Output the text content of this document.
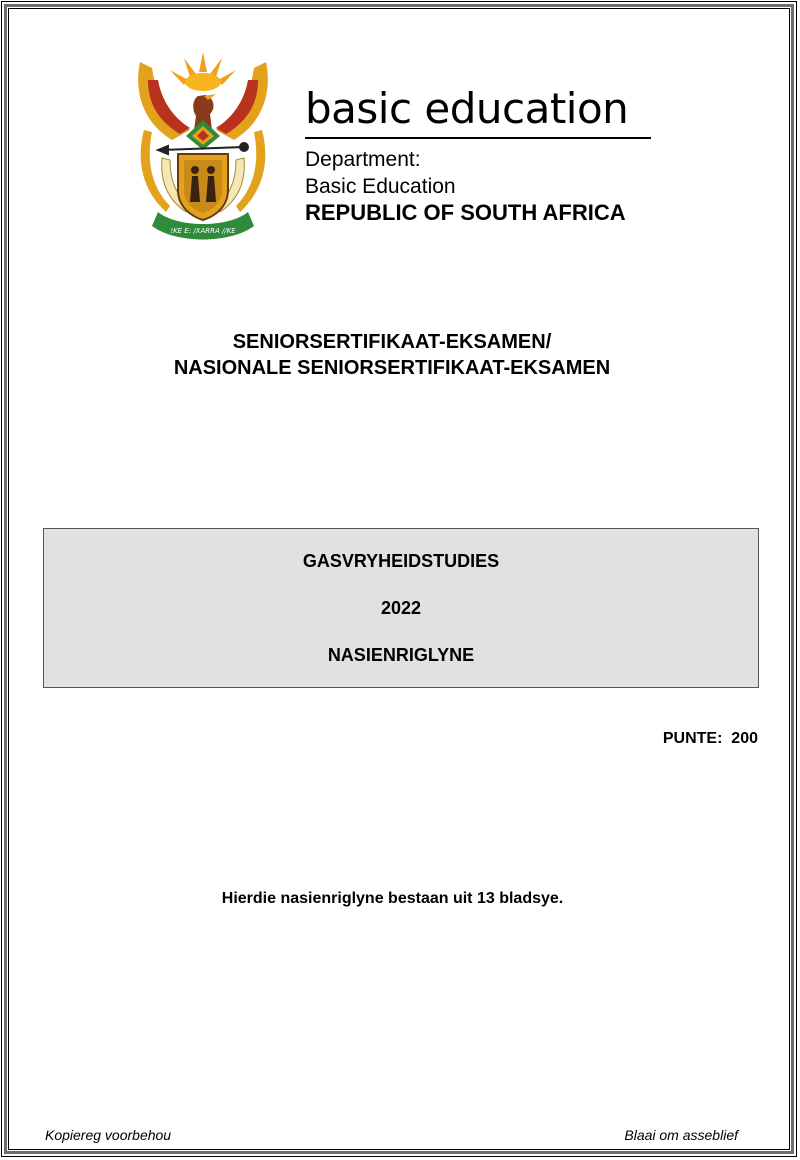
!KE E: /XARRA //KE
basic education
Department:
Basic Education
REPUBLIC OF SOUTH AFRICA
SENIORSERTIFIKAAT-EKSAMEN/
NASIONALE SENIORSERTIFIKAAT-EKSAMEN
GASVRYHEIDSTUDIES
2022
NASIENRIGLYNE
PUNTE:  200
Hierdie nasienriglyne bestaan uit 13 bladsye.
Kopiereg voorbehou	Blaai om asseblief
